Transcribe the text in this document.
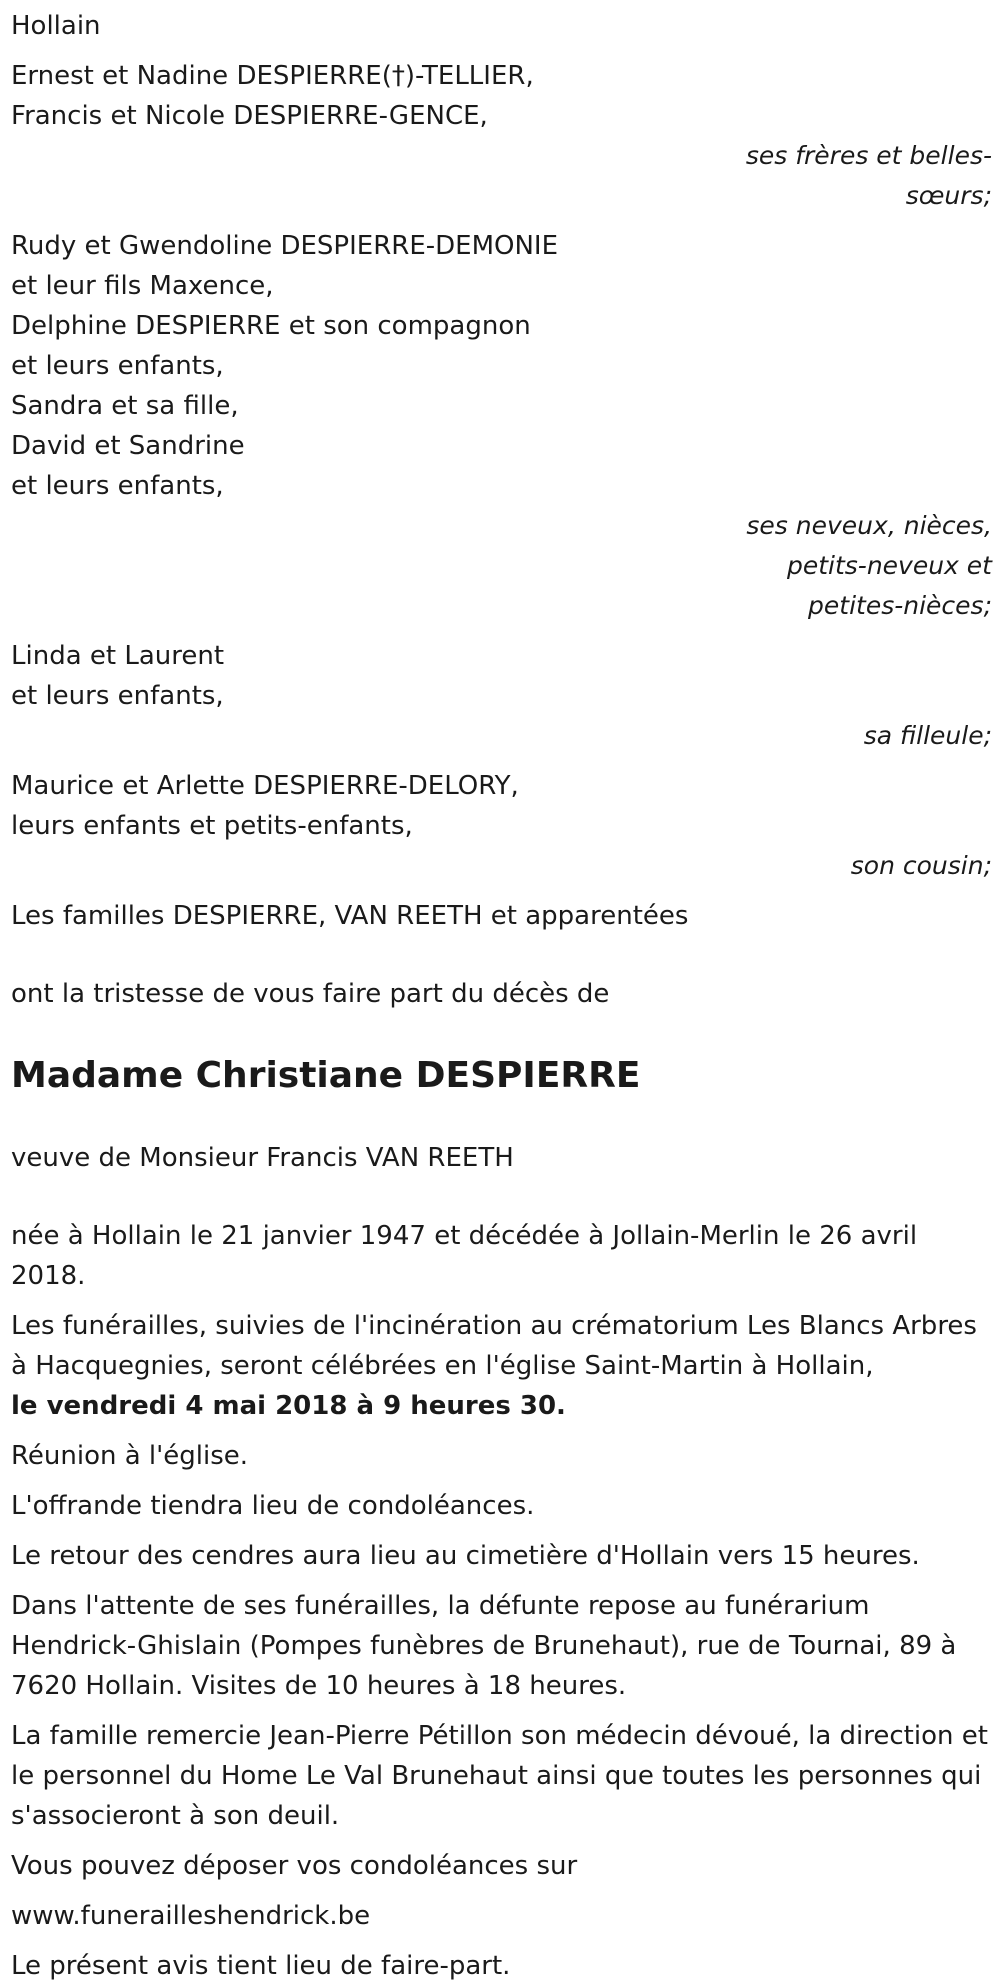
Hollain

Ernest et Nadine DESPIERRE(†)-TELLIER,

Francis et Nicole DESPIERRE-GENCE,

ses frères et belles-

sœurs;

Rudy et Gwendoline DESPIERRE-DEMONIE

et leur fils Maxence,

Delphine DESPIERRE et son compagnon

et leurs enfants,

Sandra et sa fille,

David et Sandrine

et leurs enfants,

ses neveux, nièces,

petits-neveux et

petites-nièces;

Linda et Laurent

et leurs enfants,

sa filleule;

Maurice et Arlette DESPIERRE-DELORY,

leurs enfants et petits-enfants,

son cousin;

Les familles DESPIERRE, VAN REETH et apparentées

ont la tristesse de vous faire part du décès de

Madame Christiane DESPIERRE

veuve de Monsieur Francis VAN REETH

née à Hollain le 21 janvier 1947 et décédée à Jollain-Merlin le 26 avril 2018.

Les funérailles, suivies de l'incinération au crématorium Les Blancs Arbres à Hacquegnies, seront célébrées en l'église Saint-Martin à Hollain,
le vendredi 4 mai 2018 à 9 heures 30.

Réunion à l'église.

L'offrande tiendra lieu de condoléances.

Le retour des cendres aura lieu au cimetière d'Hollain vers 15 heures.

Dans l'attente de ses funérailles, la défunte repose au funérarium Hendrick-Ghislain (Pompes funèbres de Brunehaut), rue de Tournai, 89 à 7620 Hollain. Visites de 10 heures à 18 heures.

La famille remercie Jean-Pierre Pétillon son médecin dévoué, la direction et le personnel du Home Le Val Brunehaut ainsi que toutes les personnes qui s'associeront à son deuil.

Vous pouvez déposer vos condoléances sur

www.funerailleshendrick.be

Le présent avis tient lieu de faire-part.
